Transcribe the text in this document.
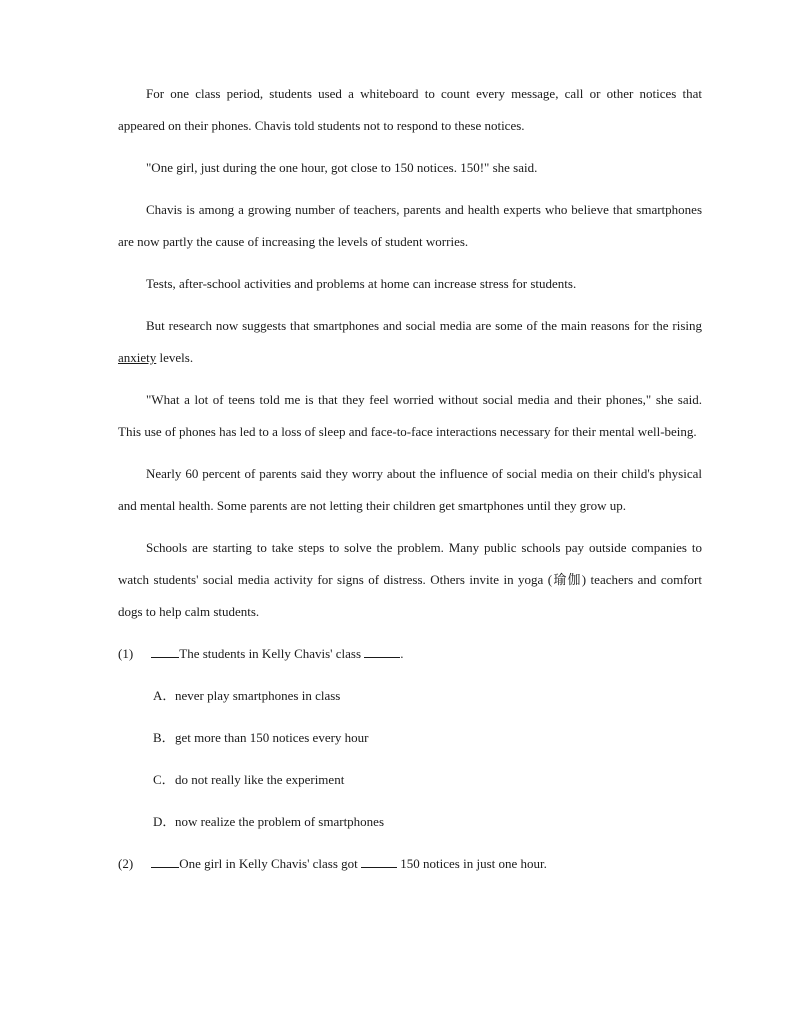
For one class period, students used a whiteboard to count every message, call or other notices that appeared on their phones. Chavis told students not to respond to these notices.

"One girl, just during the one hour, got close to 150 notices. 150!" she said.

Chavis is among a growing number of teachers, parents and health experts who believe that smartphones are now partly the cause of increasing the levels of student worries.

Tests, after-school activities and problems at home can increase stress for students.

But research now suggests that smartphones and social media are some of the main reasons for the rising anxiety levels.

"What a lot of teens told me is that they feel worried without social media and their phones," she said. This use of phones has led to a loss of sleep and face-to-face interactions necessary for their mental well-being.

Nearly 60 percent of parents said they worry about the influence of social media on their child's physical and mental health. Some parents are not letting their children get smartphones until they grow up.

Schools are starting to take steps to solve the problem. Many public schools pay outside companies to watch students' social media activity for signs of distress. Others invite in yoga (瑜伽) teachers and comfort dogs to help calm students.

(1)	The students in Kelly Chavis' class	.
A．never play smartphones in class
B．get more than 150 notices every hour
C．do not really like the experiment
D．now realize the problem of smartphones
(2)	One girl in Kelly Chavis' class got	150 notices in just one hour.
